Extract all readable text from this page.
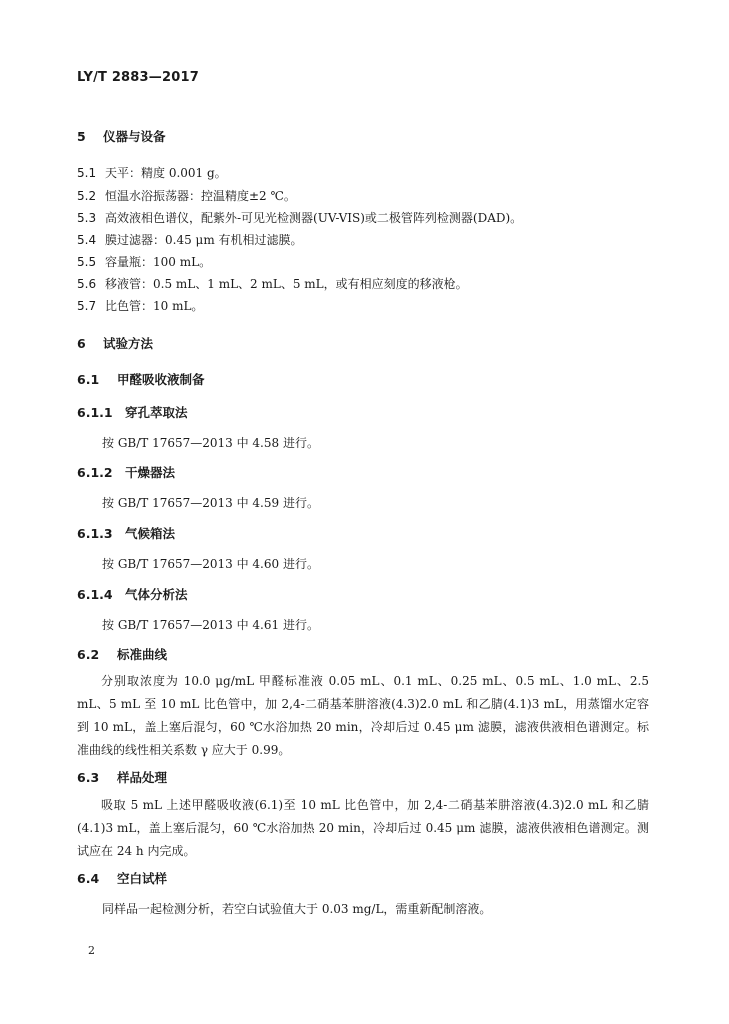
LY/T 2883—2017
5 仪器与设备
5.1 天平：精度 0.001 g。
5.2 恒温水浴振荡器：控温精度±2 ℃。
5.3 高效液相色谱仪，配紫外-可见光检测器(UV-VIS)或二极管阵列检测器(DAD)。
5.4 膜过滤器：0.45 μm 有机相过滤膜。
5.5 容量瓶：100 mL。
5.6 移液管：0.5 mL、1 mL、2 mL、5 mL，或有相应刻度的移液枪。
5.7 比色管：10 mL。
6 试验方法
6.1 甲醛吸收液制备
6.1.1 穿孔萃取法
按 GB/T 17657—2013 中 4.58 进行。
6.1.2 干燥器法
按 GB/T 17657—2013 中 4.59 进行。
6.1.3 气候箱法
按 GB/T 17657—2013 中 4.60 进行。
6.1.4 气体分析法
按 GB/T 17657—2013 中 4.61 进行。
6.2 标准曲线
分别取浓度为 10.0 μg/mL 甲醛标准液 0.05 mL、0.1 mL、0.25 mL、0.5 mL、1.0 mL、2.5 mL、5 mL 至 10 mL 比色管中，加 2,4-二硝基苯肼溶液(4.3)2.0 mL 和乙腈(4.1)3 mL，用蒸馏水定容到 10 mL，盖上塞后混匀，60 ℃水浴加热 20 min，冷却后过 0.45 μm 滤膜，滤液供液相色谱测定。标准曲线的线性相关系数 γ 应大于 0.99。
6.3 样品处理
吸取 5 mL 上述甲醛吸收液(6.1)至 10 mL 比色管中，加 2,4-二硝基苯肼溶液(4.3)2.0 mL 和乙腈(4.1)3 mL，盖上塞后混匀，60 ℃水浴加热 20 min，冷却后过 0.45 μm 滤膜，滤液供液相色谱测定。测试应在 24 h 内完成。
6.4 空白试样
同样品一起检测分析，若空白试验值大于 0.03 mg/L，需重新配制溶液。
2
